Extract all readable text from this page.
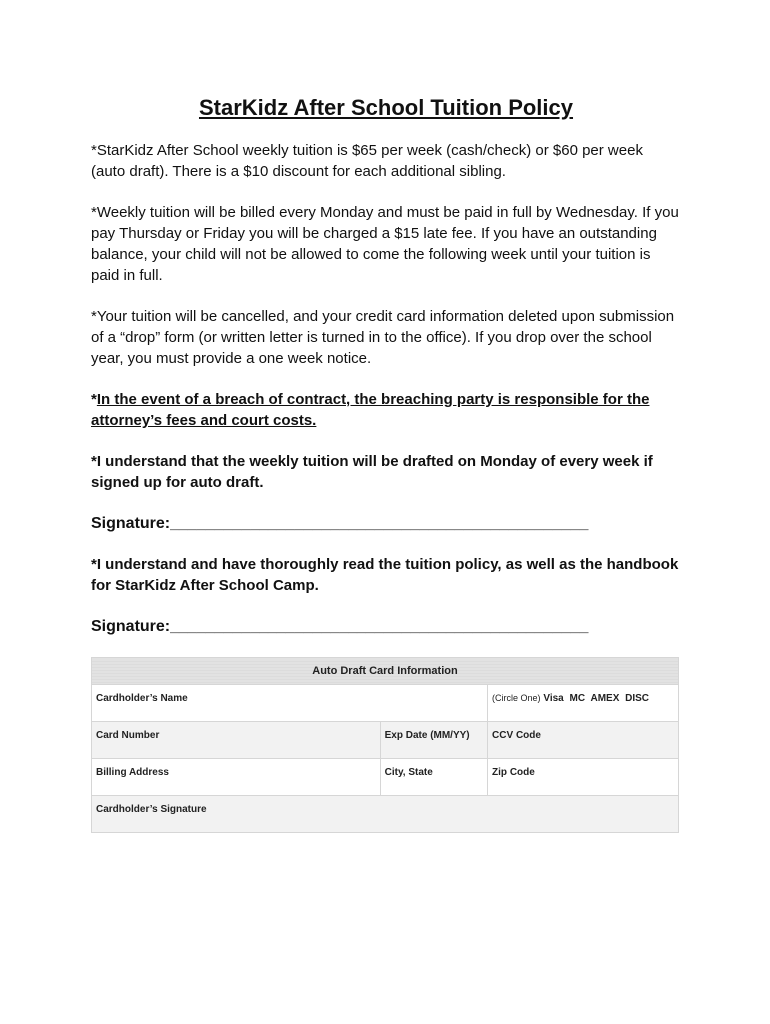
StarKidz After School Tuition Policy
*StarKidz After School weekly tuition is $65 per week (cash/check) or $60 per week (auto draft). There is a $10 discount for each additional sibling.
*Weekly tuition will be billed every Monday and must be paid in full by Wednesday. If you pay Thursday or Friday you will be charged a $15 late fee. If you have an outstanding balance, your child will not be allowed to come the following week until your tuition is paid in full.
*Your tuition will be cancelled, and your credit card information deleted upon submission of a “drop” form (or written letter is turned in to the office). If you drop over the school year, you must provide a one week notice.
*In the event of a breach of contract, the breaching party is responsible for the attorney’s fees and court costs.
*I understand that the weekly tuition will be drafted on Monday of every week if signed up for auto draft.
Signature:_______________________________________________
*I understand and have thoroughly read the tuition policy, as well as the handbook for StarKidz After School Camp.
Signature:_______________________________________________
Auto Draft Card Information		
Cardholder’s Name		(Circle One) Visa MC AMEX DISC
Card Number	Exp Date (MM/YY)	CCV Code
Billing Address	City, State	Zip Code
Cardholder’s Signature		
